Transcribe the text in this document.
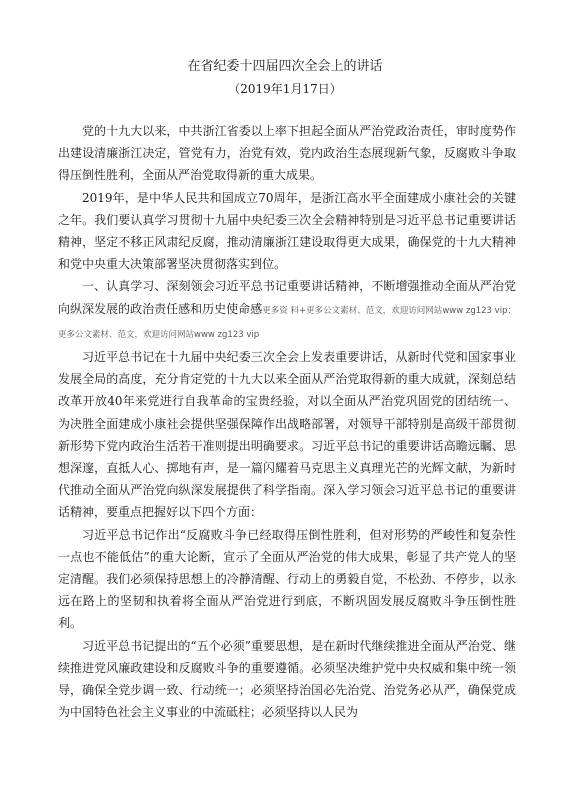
在省纪委十四届四次全会上的讲话
（2019年1月17日）

党的十九大以来，中共浙江省委以上率下担起全面从严治党政治责任，审时度势作出建设清廉浙江决定，管党有力，治党有效，党内政治生态展现新气象，反腐败斗争取得压倒性胜利，全面从严治党取得新的重大成果。

2019年，是中华人民共和国成立70周年，是浙江高水平全面建成小康社会的关键之年。我们要认真学习贯彻十九届中央纪委三次全会精神特别是习近平总书记重要讲话精神，坚定不移正风肃纪反腐，推动清廉浙江建设取得更大成果，确保党的十九大精神和党中央重大决策部署坚决贯彻落实到位。

一、认真学习、深刻领会习近平总书记重要讲话精神，不断增强推动全面从严治党向纵深发展的政治责任感和历史使命感更多资 料+更多公文素材、范文，欢迎访问网站www zg123 vip：更多公文素材、范文，欢迎访问网站www zg123 vip

习近平总书记在十九届中央纪委三次全会上发表重要讲话，从新时代党和国家事业发展全局的高度，充分肯定党的十九大以来全面从严治党取得新的重大成就，深刻总结改革开放40年来党进行自我革命的宝贵经验，对以全面从严治党巩固党的团结统一、为决胜全面建成小康社会提供坚强保障作出战略部署，对领导干部特别是高级干部贯彻新形势下党内政治生活若干准则提出明确要求。习近平总书记的重要讲话高瞻远瞩、思想深邃，直抵人心、掷地有声，是一篇闪耀着马克思主义真理光芒的光辉文献，为新时代推动全面从严治党向纵深发展提供了科学指南。深入学习领会习近平总书记的重要讲话精神，要重点把握好以下四个方面：

习近平总书记作出“反腐败斗争已经取得压倒性胜利，但对形势的严峻性和复杂性一点也不能低估”的重大论断，宣示了全面从严治党的伟大成果，彰显了共产党人的坚定清醒。我们必须保持思想上的冷静清醒、行动上的勇毅自觉，不松劲、不停步，以永远在路上的坚韧和执着将全面从严治党进行到底，不断巩固发展反腐败斗争压倒性胜利。

习近平总书记提出的“五个必须”重要思想，是在新时代继续推进全面从严治党、继续推进党风廉政建设和反腐败斗争的重要遵循。必须坚决维护党中央权威和集中统一领导，确保全党步调一致、行动统一；必须坚持治国必先治党、治党务必从严，确保党成为中国特色社会主义事业的中流砥柱；必须坚持以人民为
